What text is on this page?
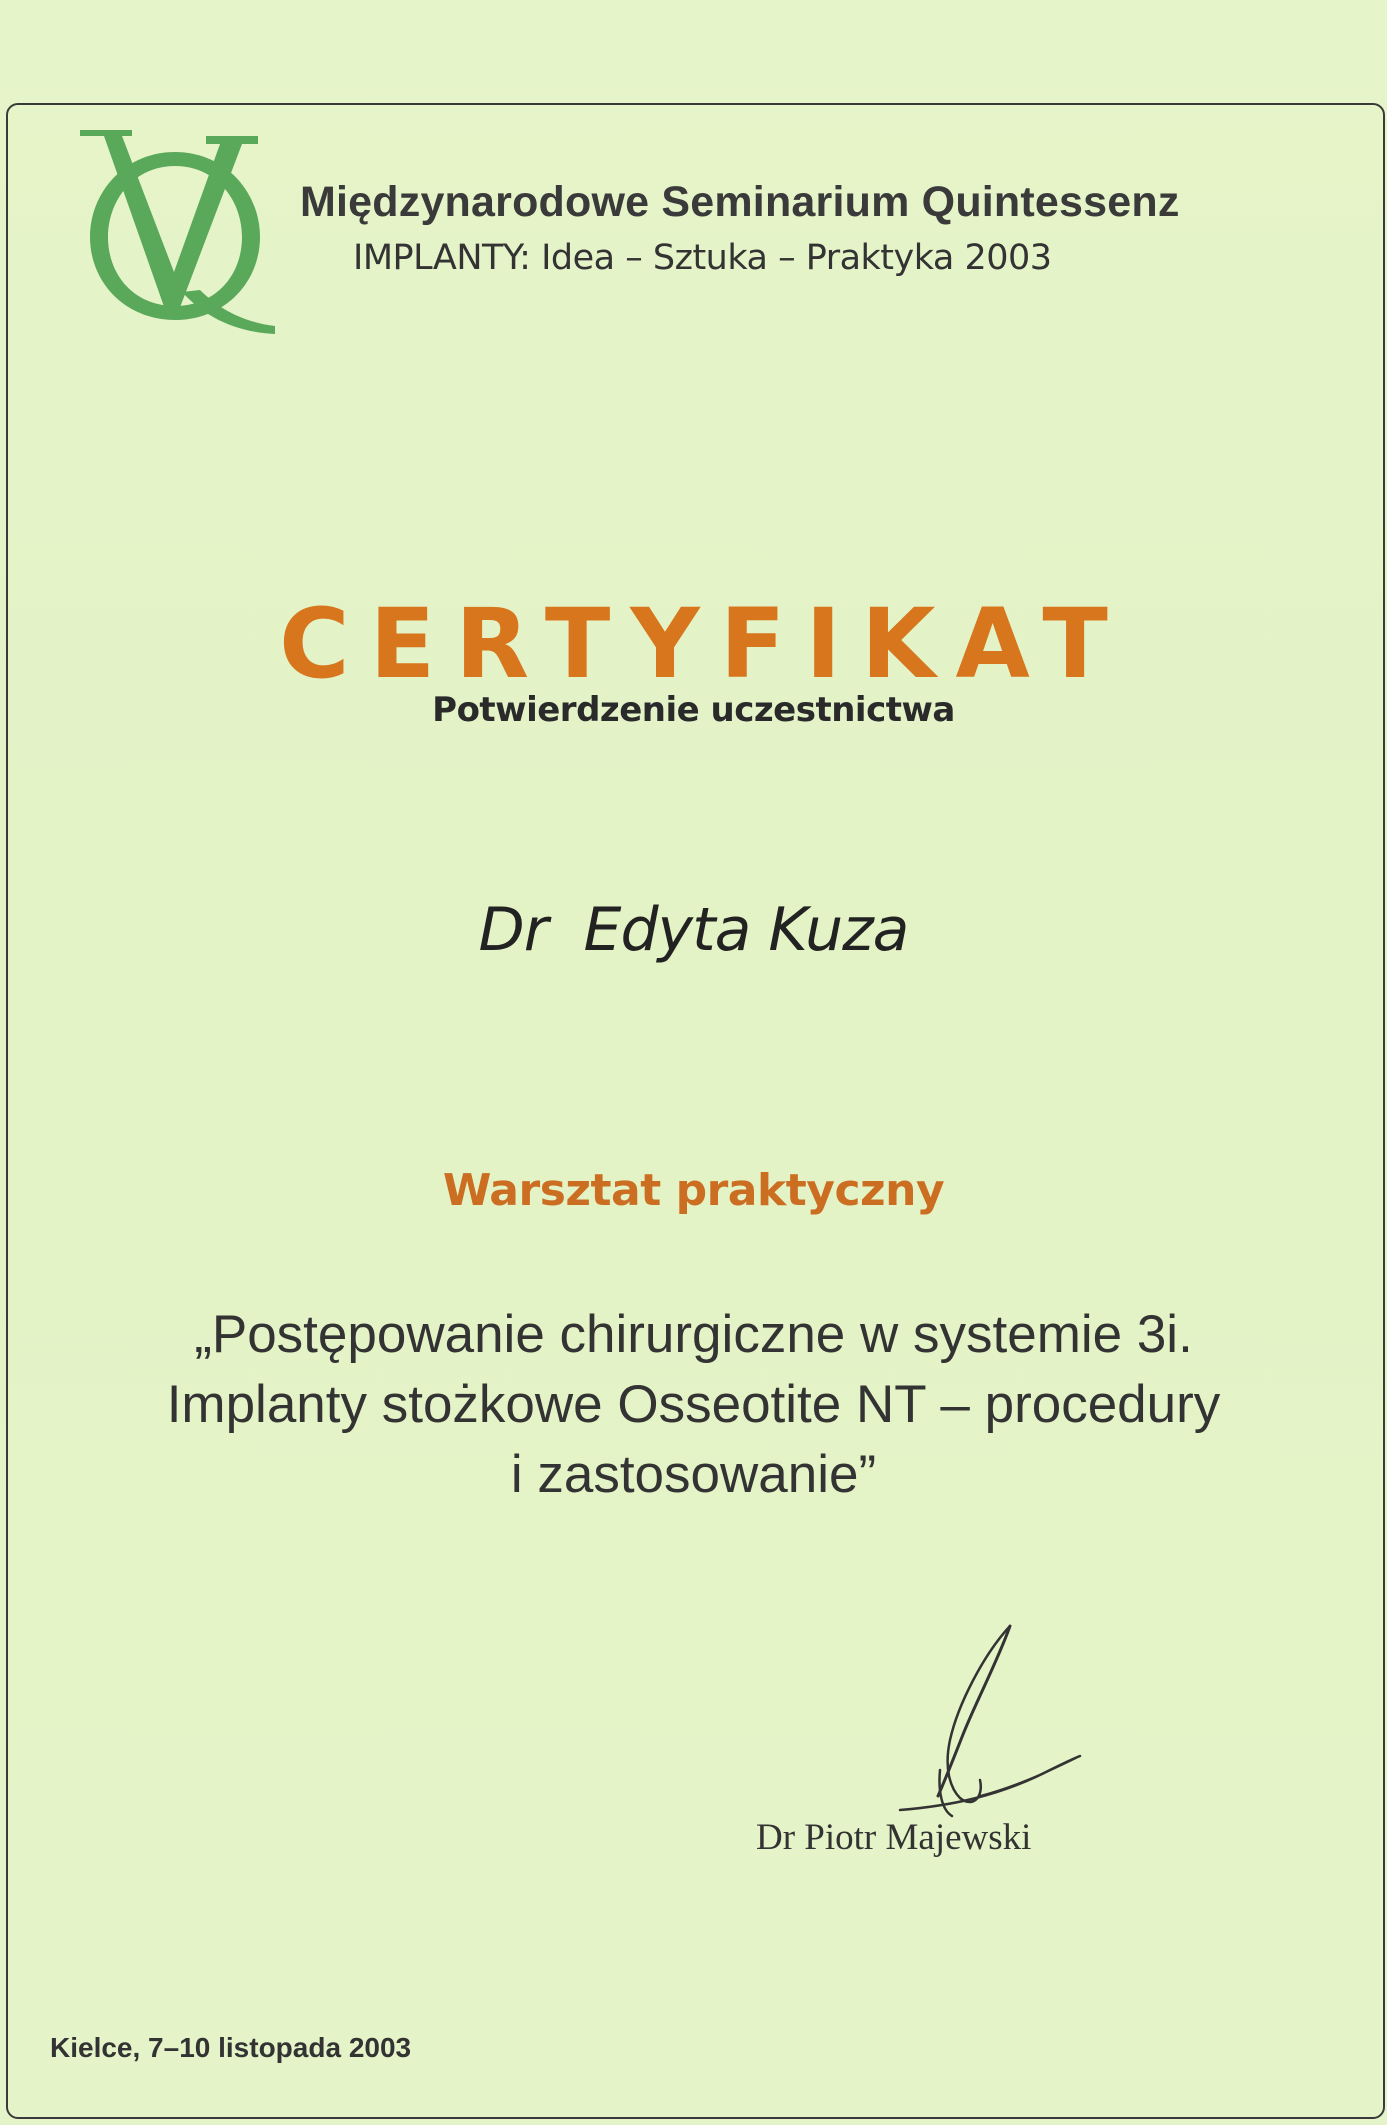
Międzynarodowe Seminarium Quintessenz
IMPLANTY: Idea – Sztuka – Praktyka 2003
CERTYFIKAT
Potwierdzenie uczestnictwa
Dr  Edyta Kuza
Warsztat praktyczny
„Postępowanie chirurgiczne w systemie 3i.
Implanty stożkowe Osseotite NT – procedury
i zastosowanie”
Dr Piotr Majewski
Kielce, 7–10 listopada 2003
